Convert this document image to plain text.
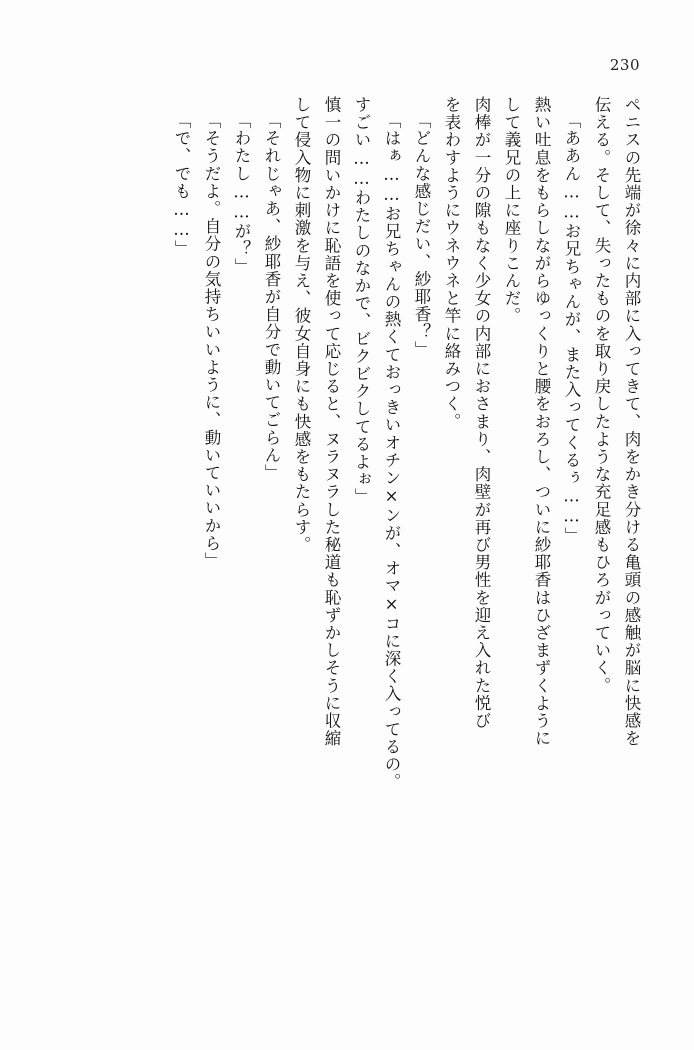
230
ペニスの先端が徐々に内部に入ってきて、肉をかき分ける亀頭の感触が脳に快感を
伝える。そして、失ったものを取り戻したような充足感もひろがっていく。
「ああん……お兄ちゃんが、また入ってくるぅ……」
熱い吐息をもらしながらゆっくりと腰をおろし、ついに紗耶香はひざまずくように
して義兄の上に座りこんだ。
肉棒が一分の隙もなく少女の内部におさまり、肉壁が再び男性を迎え入れた悦び
を表わすようにウネウネと竿に絡みつく。
「どんな感じだい、紗耶香？」
「はぁ……お兄ちゃんの熱くておっきいオチン×ンが、オマ×コに深く入ってるの。
すごい……わたしのなかで、ビクビクしてるよぉ」
慎一の問いかけに恥語を使って応じると、ヌラヌラした秘道も恥ずかしそうに収縮
して侵入物に刺激を与え、彼女自身にも快感をもたらす。
「それじゃあ、紗耶香が自分で動いてごらん」
「わたし……が？」
「そうだよ。自分の気持ちいいように、動いていいから」
「で、でも……」
